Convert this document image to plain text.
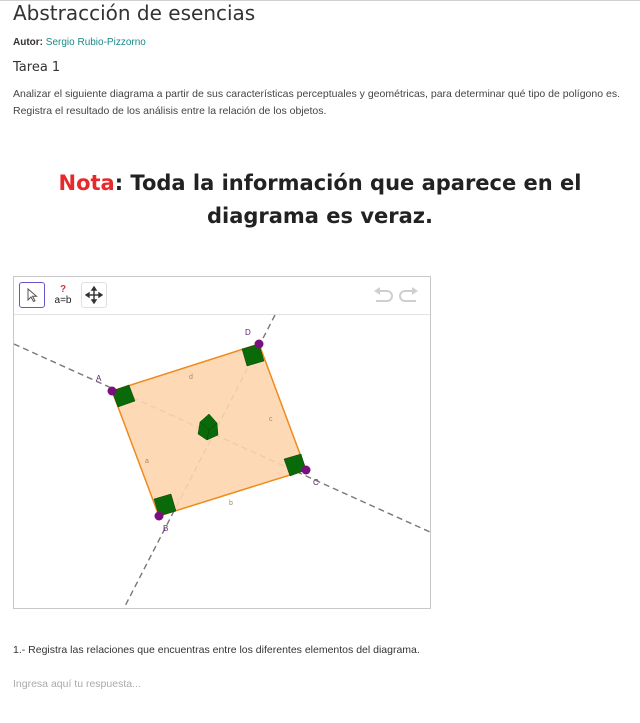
Abstracción de esencias
Autor: Sergio Rubio-Pizzorno
Tarea 1
Analizar el siguiente diagrama a partir de sus características perceptuales y geométricas, para determinar qué tipo de polígono es. Registra el resultado de los análisis entre la relación de los objetos.
Nota: Toda la información que aparece en el diagrama es veraz.
?
a=b
A
B
C
D
a
b
c
d
1.- Registra las relaciones que encuentras entre los diferentes elementos del diagrama.
Ingresa aquí tu respuesta...
